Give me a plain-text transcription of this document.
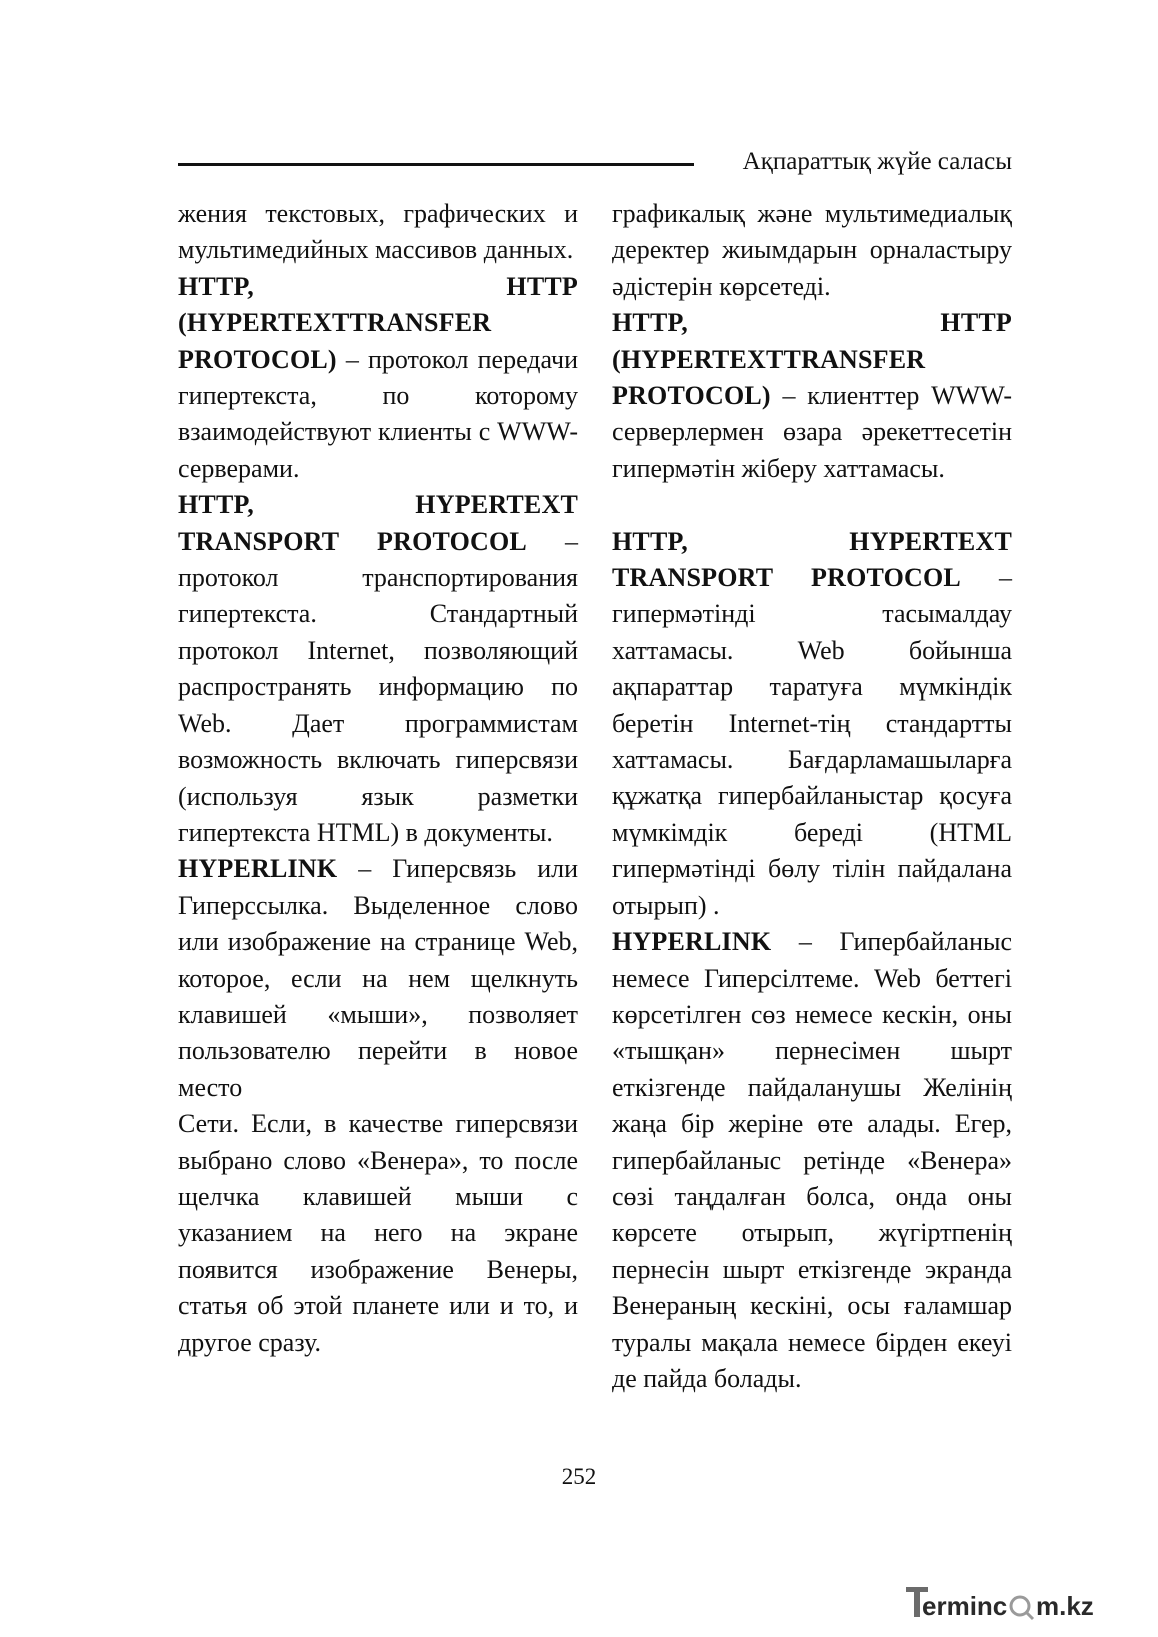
Ақпараттық жүйе саласы

жения текстовых, графических и мультимедийных массивов данных.

HTTP, HTTP (HYPERTEXTTRANSFER PROTOCOL) – протокол передачи гипертекста, по которому взаимодействуют клиенты с WWW-серверами.

HTTP, HYPERTEXT TRANSPORT PROTOCOL – протокол транспортирования гипертекста. Стандартный протокол Internet, позволяющий распространять информацию по Web. Дает программистам возможность включать гиперсвязи (используя язык разметки гипертекста HTML) в документы.

HYPERLINK – Гиперсвязь или Гиперссылка. Выделенное слово или изображение на странице Web, которое, если на нем щелкнуть клавишей «мыши», позволяет пользователю перейти в новое место

Сети. Если, в качестве гиперсвязи выбрано слово «Венера», то после щелчка клавишей мыши с указанием на него на экране появится изображение Венеры, статья об этой планете или и то, и другое сразу.

графикалық және мультимедиалық деректер жиымдарын орналастыру әдістерін көрсетеді.

HTTP, HTTP (HYPERTEXTTRANSFER PROTOCOL) – клиенттер WWW-серверлермен өзара әрекеттесетін гипермәтін жіберу хаттамасы.

HTTP, HYPERTEXT TRANSPORT PROTOCOL – гипермәтінді тасымалдау хаттамасы. Web бойынша ақпараттар таратуға мүмкіндік беретін Internet-тің стандартты хаттамасы. Бағдарламашыларға құжатқа гипербайланыстар қосуға мүмкімдік береді (HTML гипермәтінді бөлу тілін пайдалана отырып) .

HYPERLINK – Гипербайланыс немесе Гиперсілтеме. Web беттегі көрсетілген сөз немесе кескін, оны «тышқан» пернесімен шырт еткізгенде пайдаланушы Желінің жаңа бір жеріне өте алады. Егер, гипербайланыс ретінде «Венера» сөзі таңдалған болса, онда оны көрсете отырып, жүгіртпенің пернесін шырт еткізгенде экранда Венераның кескіні, осы ғаламшар туралы мақала немесе бірден екеуі де пайда болады.

252
erminc m.kz
